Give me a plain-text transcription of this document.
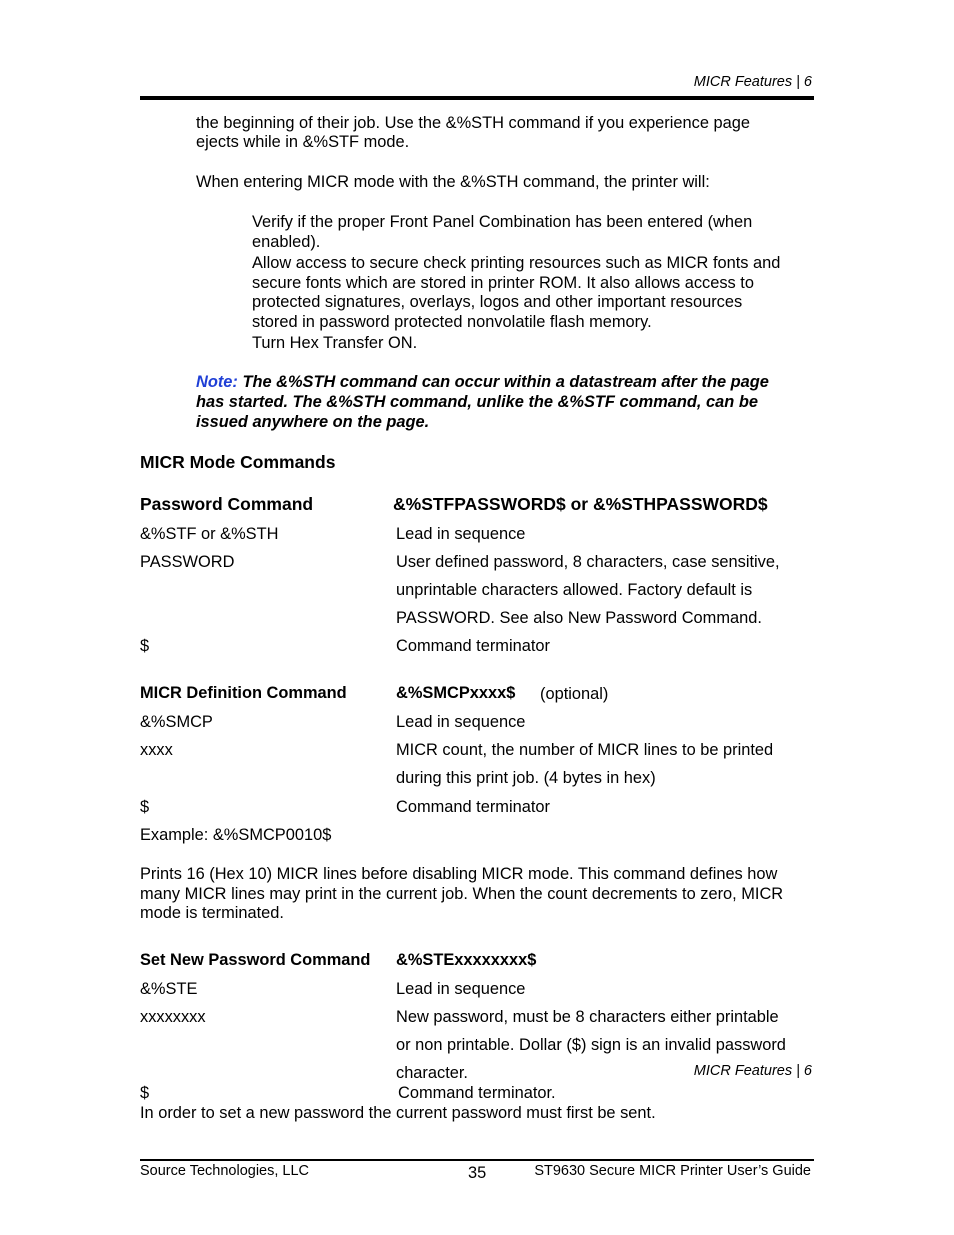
MICR Features | 6
the beginning of their job. Use the &%STH command if you experience page
ejects while in &%STF mode.
When entering MICR mode with the &%STH command, the printer will:
Verify if the proper Front Panel Combination has been entered (when
enabled).
Allow access to secure check printing resources such as MICR fonts and
secure fonts which are stored in printer ROM. It also allows access to
protected signatures, overlays, logos and other important resources
stored in password protected nonvolatile flash memory.
Turn Hex Transfer ON.
Note: The &%STH command can occur within a datastream after the page
has started. The &%STH command, unlike the &%STF command, can be
issued anywhere on the page.
MICR Mode Commands
Password Command	&%STFPASSWORD$ or &%STHPASSWORD$
&%STF or &%STH	Lead in sequence
PASSWORD	User defined password, 8 characters, case sensitive,
unprintable characters allowed. Factory default is
PASSWORD. See also New Password Command.
$	Command terminator
MICR Definition Command	&%SMCPxxxx$ (optional)
&%SMCP	Lead in sequence
xxxx	MICR count, the number of MICR lines to be printed
during this print job. (4 bytes in hex)
$	Command terminator
Example: &%SMCP0010$
Prints 16 (Hex 10) MICR lines before disabling MICR mode. This command defines how
many MICR lines may print in the current job. When the count decrements to zero, MICR
mode is terminated.
Set New Password Command &%STExxxxxxxx$
&%STE	Lead in sequence
xxxxxxxx	New password, must be 8 characters either printable
or non printable. Dollar ($) sign is an invalid password
character.	MICR Features | 6
$	Command terminator.
In order to set a new password the current password must first be sent.
Source Technologies, LLC	35	ST9630 Secure MICR Printer User’s Guide
